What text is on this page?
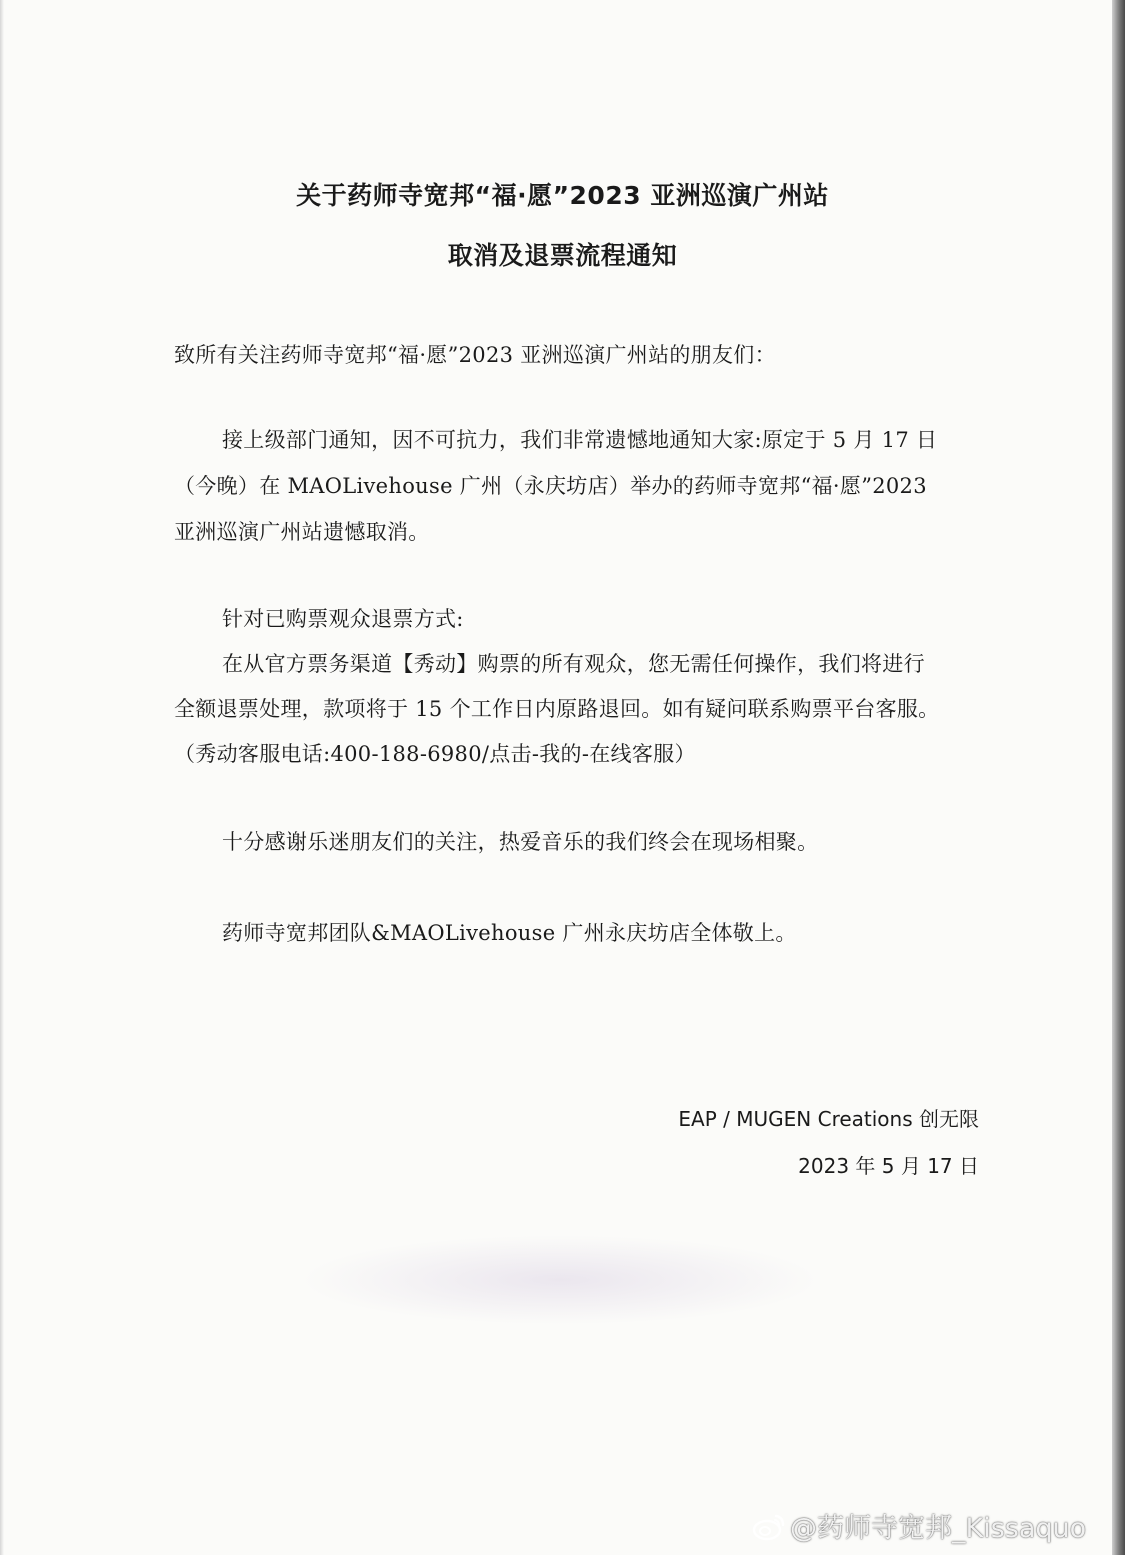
关于药师寺宽邦“福·愿”2023 亚洲巡演广州站
取消及退票流程通知
致所有关注药师寺宽邦“福·愿”2023 亚洲巡演广州站的朋友们：
接上级部门通知，因不可抗力，我们非常遗憾地通知大家:原定于 5 月 17 日
（今晚）在 MAOLivehouse 广州（永庆坊店）举办的药师寺宽邦“福·愿”2023
亚洲巡演广州站遗憾取消。
针对已购票观众退票方式:
在从官方票务渠道【秀动】购票的所有观众，您无需任何操作，我们将进行
全额退票处理，款项将于 15 个工作日内原路退回。如有疑问联系购票平台客服。
（秀动客服电话:400-188-6980/点击-我的-在线客服）
十分感谢乐迷朋友们的关注，热爱音乐的我们终会在现场相聚。
药师寺宽邦团队&MAOLivehouse 广州永庆坊店全体敬上。
EAP / MUGEN Creations 创无限
2023 年 5 月 17 日
@药师寺宽邦_Kissaquo
